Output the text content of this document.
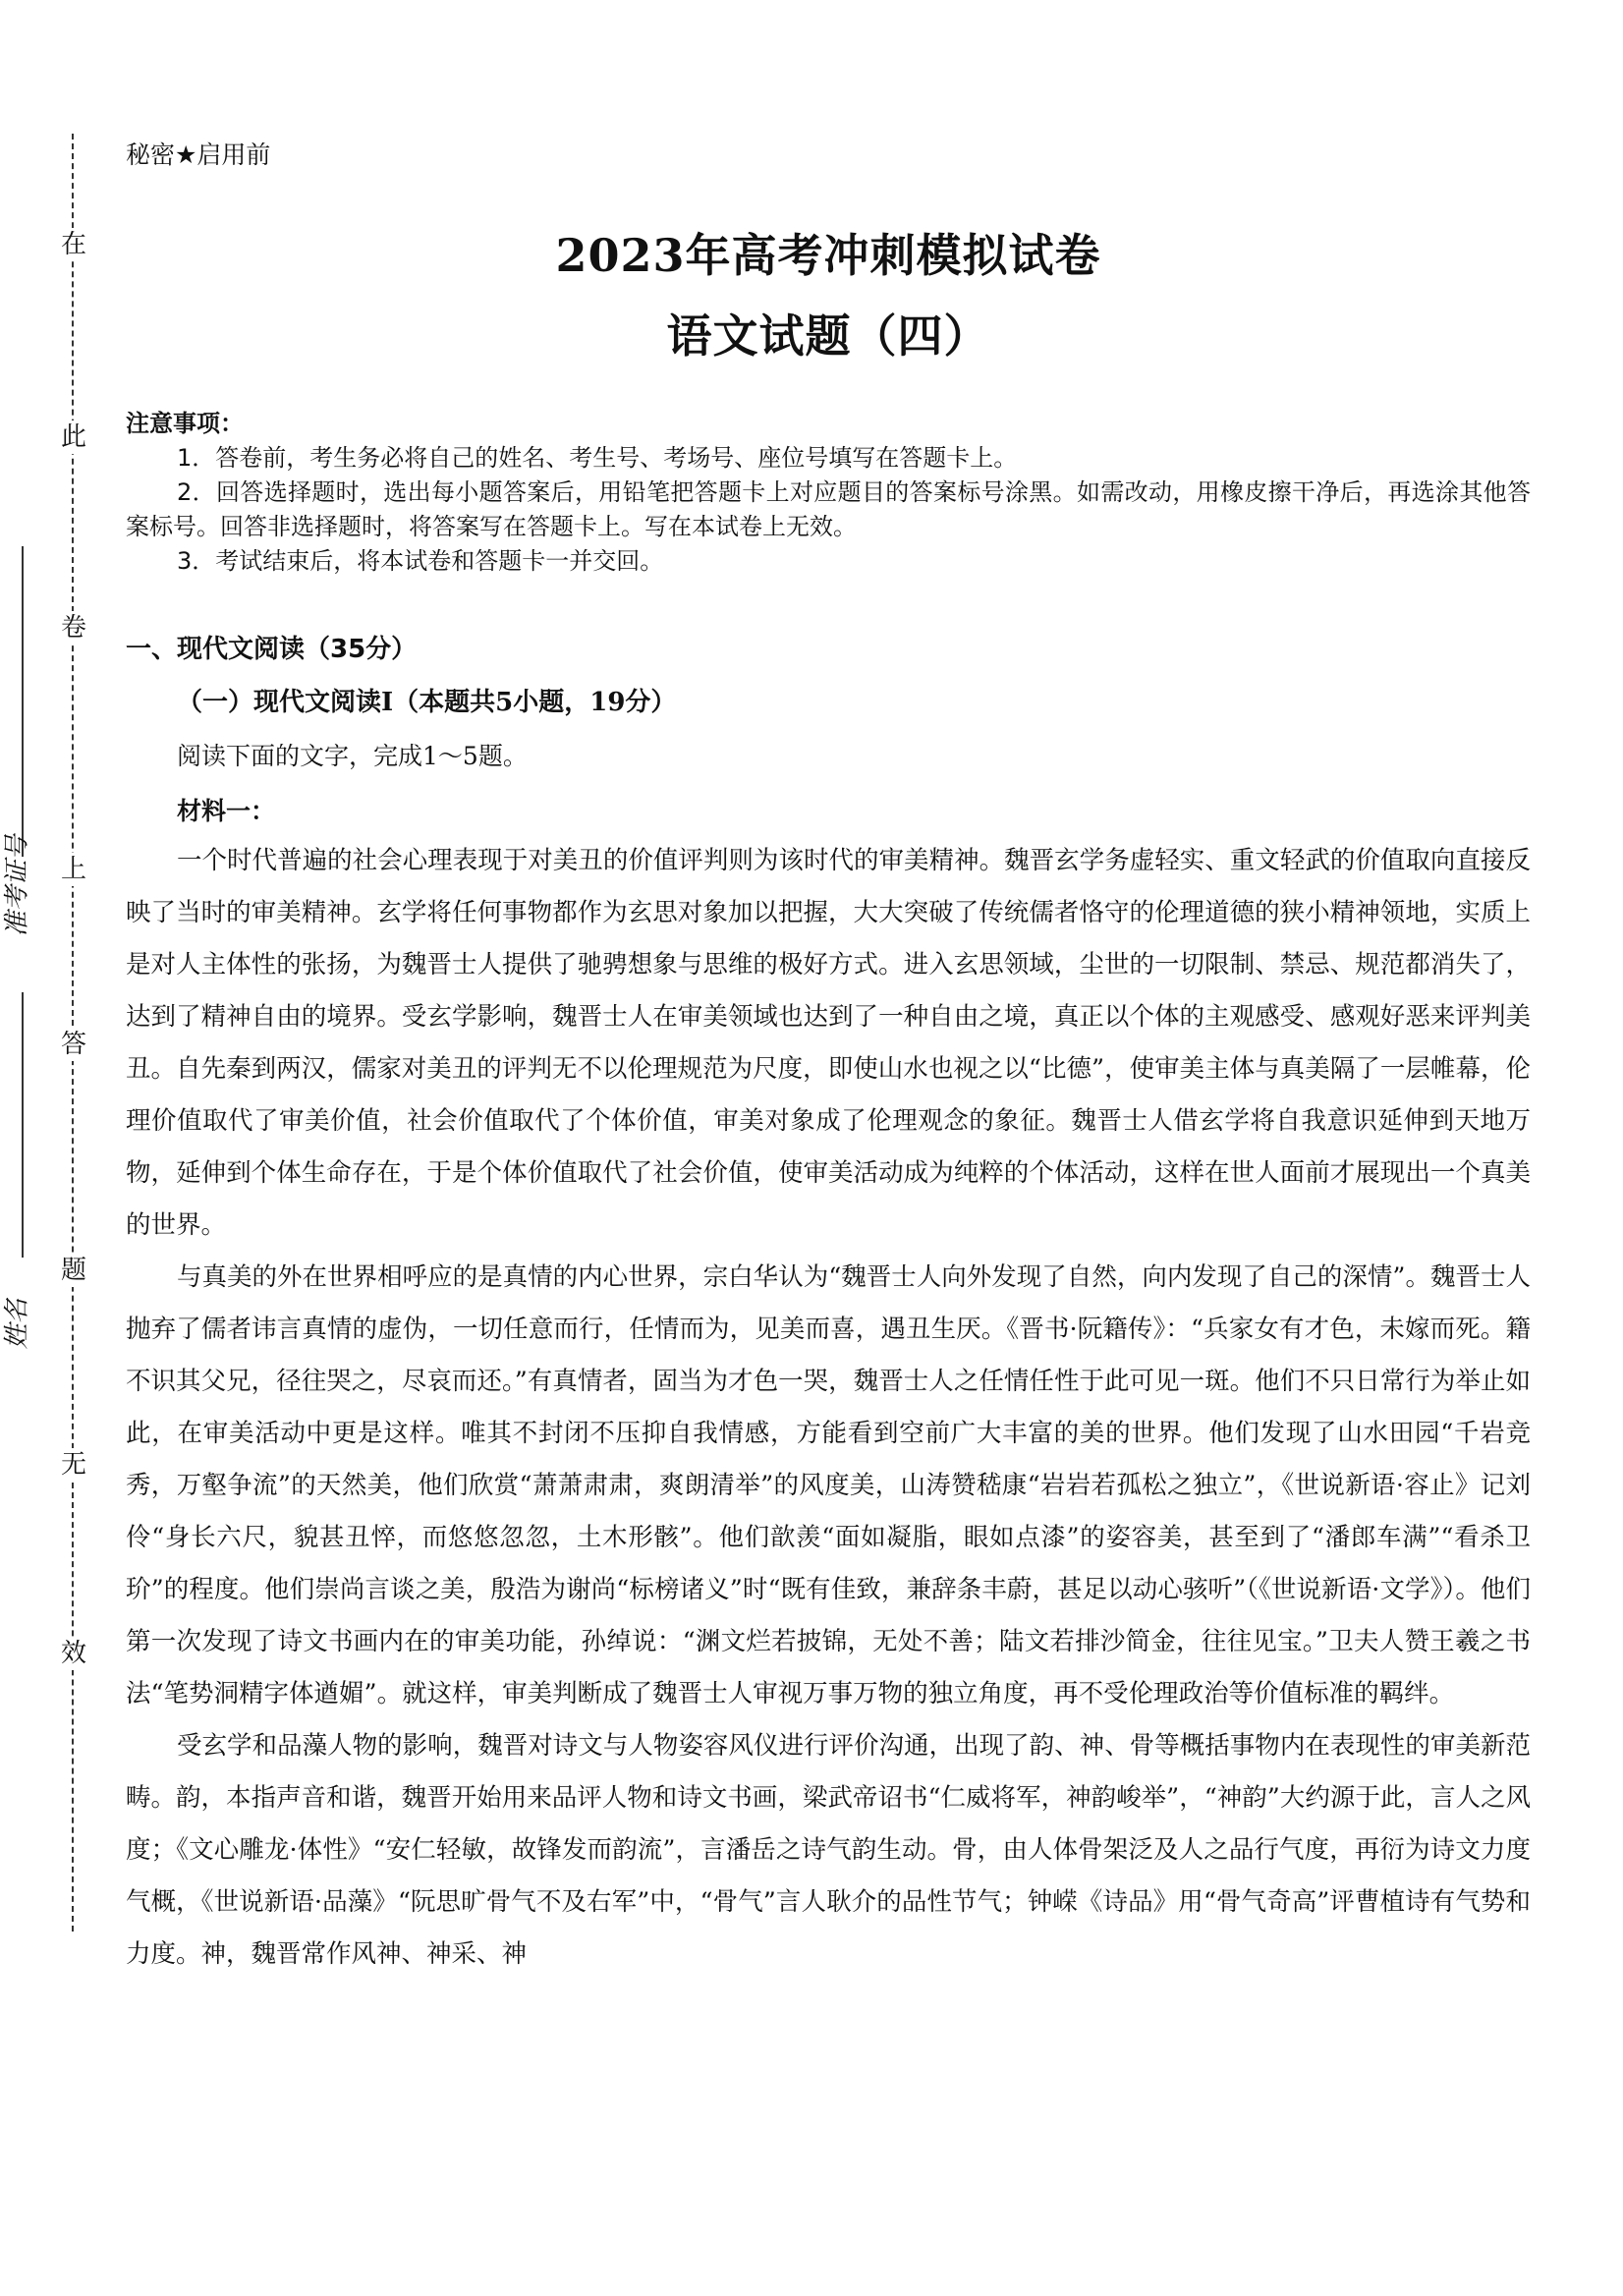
在
此
卷
上
答
题
无
效
准考证号
姓名
秘密★启用前
2023年高考冲刺模拟试卷
语文试题（四）
注意事项：
1．答卷前，考生务必将自己的姓名、考生号、考场号、座位号填写在答题卡上。
2．回答选择题时，选出每小题答案后，用铅笔把答题卡上对应题目的答案标号涂黑。如需改动，用橡皮擦干净后，再选涂其他答案标号。回答非选择题时，将答案写在答题卡上。写在本试卷上无效。
3．考试结束后，将本试卷和答题卡一并交回。
一、现代文阅读（35分）
（一）现代文阅读Ⅰ（本题共5小题，19分）
阅读下面的文字，完成1～5题。
材料一：

一个时代普遍的社会心理表现于对美丑的价值评判则为该时代的审美精神。魏晋玄学务虚轻实、重文轻武的价值取向直接反映了当时的审美精神。玄学将任何事物都作为玄思对象加以把握，大大突破了传统儒者恪守的伦理道德的狭小精神领地，实质上是对人主体性的张扬，为魏晋士人提供了驰骋想象与思维的极好方式。进入玄思领域，尘世的一切限制、禁忌、规范都消失了，达到了精神自由的境界。受玄学影响，魏晋士人在审美领域也达到了一种自由之境，真正以个体的主观感受、感观好恶来评判美丑。自先秦到两汉，儒家对美丑的评判无不以伦理规范为尺度，即使山水也视之以“比德”，使审美主体与真美隔了一层帷幕，伦理价值取代了审美价值，社会价值取代了个体价值，审美对象成了伦理观念的象征。魏晋士人借玄学将自我意识延伸到天地万物，延伸到个体生命存在，于是个体价值取代了社会价值，使审美活动成为纯粹的个体活动，这样在世人面前才展现出一个真美的世界。

与真美的外在世界相呼应的是真情的内心世界，宗白华认为“魏晋士人向外发现了自然，向内发现了自己的深情”。魏晋士人抛弃了儒者讳言真情的虚伪，一切任意而行，任情而为，见美而喜，遇丑生厌。《晋书·阮籍传》：“兵家女有才色，未嫁而死。籍不识其父兄，径往哭之，尽哀而还。”有真情者，固当为才色一哭，魏晋士人之任情任性于此可见一斑。他们不只日常行为举止如此，在审美活动中更是这样。唯其不封闭不压抑自我情感，方能看到空前广大丰富的美的世界。他们发现了山水田园“千岩竞秀，万壑争流”的天然美，他们欣赏“萧萧肃肃，爽朗清举”的风度美，山涛赞嵇康“岩岩若孤松之独立”，《世说新语·容止》记刘伶“身长六尺，貌甚丑悴，而悠悠忽忽，土木形骸”。他们歆羡“面如凝脂，眼如点漆”的姿容美，甚至到了“潘郎车满”“看杀卫玠”的程度。他们崇尚言谈之美，殷浩为谢尚“标榜诸义”时“既有佳致，兼辞条丰蔚，甚足以动心骇听”（《世说新语·文学》）。他们第一次发现了诗文书画内在的审美功能，孙绰说：“渊文烂若披锦，无处不善；陆文若排沙简金，往往见宝。”卫夫人赞王羲之书法“笔势洞精字体遒媚”。就这样，审美判断成了魏晋士人审视万事万物的独立角度，再不受伦理政治等价值标准的羁绊。

受玄学和品藻人物的影响，魏晋对诗文与人物姿容风仪进行评价沟通，出现了韵、神、骨等概括事物内在表现性的审美新范畴。韵，本指声音和谐，魏晋开始用来品评人物和诗文书画，梁武帝诏书“仁威将军，神韵峻举”，“神韵”大约源于此，言人之风度；《文心雕龙·体性》“安仁轻敏，故锋发而韵流”，言潘岳之诗气韵生动。骨，由人体骨架泛及人之品行气度，再衍为诗文力度气概，《世说新语·品藻》“阮思旷骨气不及右军”中，“骨气”言人耿介的品性节气；钟嵘《诗品》用“骨气奇高”评曹植诗有气势和力度。神，魏晋常作风神、神采、神
